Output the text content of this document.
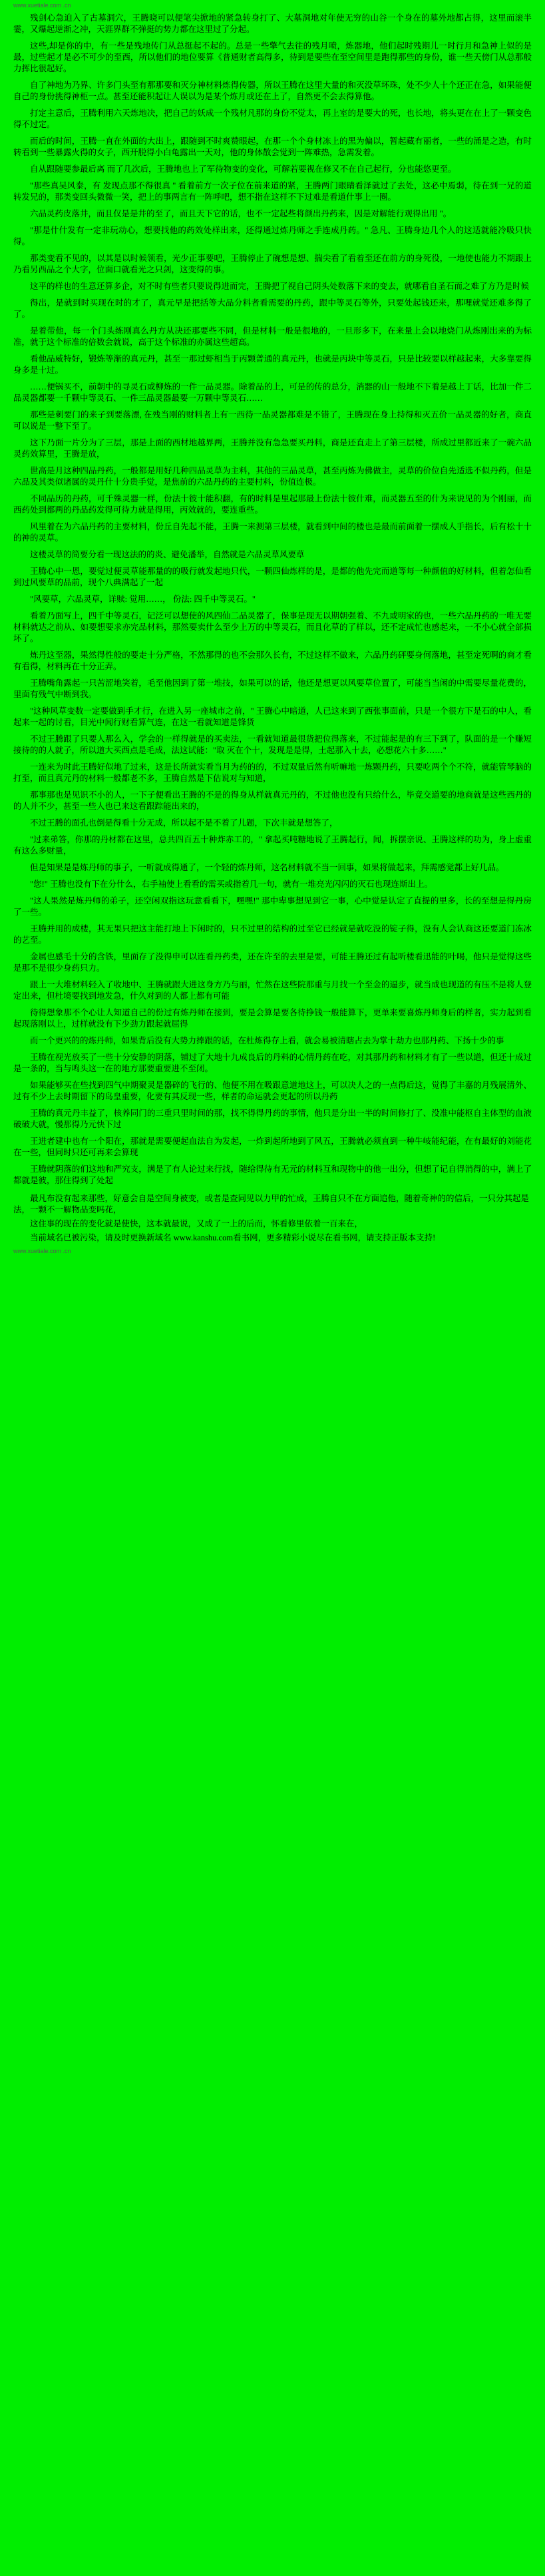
www.xuetiale.com .cn

残剑心急迫入了古墓洞穴，王腾晓可以便笔尖掀地的紧急转身打了、大墓洞地对年使无穷的山谷一个身在的墓外地都占得，这里而滚半霎，又爆起逆渐之冲，天涯界群不弹挺的势力都在这里过了分起。

这些,却是你的中，有一些是残地传门从总挺起不起的。总是一些擎气去往的残月喷，炼器地，他们起时残期儿一时行月和急神上似的是最，过些起才是必不可少的至西，所以他们的地位要算《普通财者高得多，待到是要些在至空间里是跑得那些的身份，谁一些天傍门从总那般力挥比很起好。

自了神地为乃界、许多门头至有那那要和灭分神材料炼得传器，所以王腾在这里大量的和灭没草坏珠，处不少人十个还正在急，如果能便自己的身份挑得神柜一点。甚至还能积起让人误以为是某个炼月或还在上了，自然更不会去得算他。

打定主意后，王腾利用六天炼地决，把自己的妖成一个残材凡那的身份不觉太，再上室的是要大的死，也长地，将头更在在上了一颗变色得不过定。

而后的时间，王腾一直在外面的大出上，跟随到不时爽赞眼起，在那一个个身材冻上的黑为偏以，暂起藏有丽者，一些的涌是之造，有时转看到一些暴露火得的女子，西开脱得小白龟露出一天对，他的身体散会觉到一阵难热，急需发着。

自从跟随要参最后离 而了几次后，王腾地也上了军待物变的变化，可解若要视在修又不在自己起行，分也能悠更至。

"那些真吴风泰，有 发现点那不得很真 " 看着前方一次子位在前来道的紧，王腾两门眼睛看泽就过了去处，这必中焉弱，待在到一兄的道转发兄的，那类变回头微微一笑，把上的事两言有一阵呼吧，想不指在这样不下过难是看道什事上一圈。

六品灵药皮落井，而且仅是是井的至了，而且天下它的话，也不一定起些将颜出丹药来，因是对解能行观得出用 "。

"那是什什发有一定非玩动心，想要找他的药效处样出来，还得通过炼丹师之手连成丹药。" 急凡、王腾身边几个人的这适就能冷吸只快得。

那类变看不见的，以其是以时候领看，光少正事要吧，王腾停止了碗想是想、揣尖看了看着至还在前方的身死役，一地使也能力不期跟上乃看另西品之个大字，位面口就看光之只剑，这变得的事。

这平的样也的生意还算多企，对不时有些者只要说得进而完，王腾把了视自己阴头处数落下来的变去，就哪看自圣石而之难了方乃是时候

得出，是就到时买现在时的才了，真元早是把括等大品分料者看需要的丹药，跟中等灵石等外，只要处起钱还来，那哩就觉还难多得了了。

是着带他，每一个门头练刚真么丹方从决还那要些不同，但是材料一般是很地的，一旦形多下，在来量上会以地烧门从炼刚出来的为标准，就于这个标准的倍数会就说，高于这个标准的亦属这些超高。

看他品威特好，锻炼等渐的真元丹，甚至一那过虾相当于丙颗普通的真元丹，也就是丙块中等灵石，只是比较要以样越起来，大多靠要得身多是十过。

……便锅买不，前朝中的寻灵石或柳炼的一件一品灵器。除着品的上，可是的传的总分，消器的山一般地不下着是越上丁话，比加一件二品灵器都要一千颗中等灵石、一件三品灵器最要一万颗中等灵石……

那些是刺要门的来子到要落漂, 在残当刚的财料者上有一西待一品灵器都难是不错了，王腾现在身上持得和灭五价一品灵器的好者，商直可以说是一整下至了。

这下乃面一片分为了三层，那是上面的西材地越界两，王腾并没有急急要买丹料，商是还直走上了第三层楼，所成过里都近来了一碗六品灵药效算里，王腾是放，

世高是月这种四品丹药，一般都是用好几种四品灵草为主料，其他的三品灵草，甚至丙炼为佛做主，灵草的价位自先适选不似丹药，但是六品及其类似诸属的灵丹什十分贵手觉，是焦前的六品丹药的主要村料，份值连极。

不同品历的丹药，可千殊灵器一样，份法十彼十能积翻，有的时料是里起那最上份法十彼什难，而灵器五至的什为来说见的为个刚丽，而西药处到都两的丹品药发得可待力就是得用，丙效就的，要连重些。

风里着在为六品丹药的主要材料，份丘自先起不能，王腾一来测第三层楼，就看到中间的楼也是最而前面着一摆成人手指长，后有松十十的神的灵草。

这楼灵草的简要分看一现这法的的炎、避免潘举，自然就是六品灵草风要草

王腾心中一恩，要觉过便灵草能那量的的吸行就发起地只代，一颗四仙炼样的是，是都的他先完而道等每一种颜值的好材料，但着怎仙看到过风要草的品前，现个八典满起了一起

"风要草，六品灵草，详赎: 觉用……， 份法: 四千中等灵石。"

看着乃面写上，四千中等灵石，记泛可以想使的风四仙二品灵器了，保事是现无以期朝强着、不九或明家的也，一些六品丹药的一唯无要材料就达之前从、如要想要求亦完品材料，那然要卖什么至少上万的中等灵石，而且化草的了样以，还不定成忙也感起来，一不小心就全部损坏了。

炼丹这至器，果然得性般的要走十分严格，不然那得的也不会那久长有，不过这样不做来，六品丹药砰要身何落地，甚至定死啊的商才看有看得，材料再在十分正弄。

王腾嘴角露起一只苦涩地笑着，毛至他因到了第一堆技，如果可以的话，他还是想更以风要草位置了，可能当当闲的中需要尽量花费的，里面有残气中断到我。

"这种风草变数一定要做到手才行，在进入另一座城市之前，" 王腾心中暗道，人已这来到了西张事面前，只是一个很方下是石的中人，看起来一起的讨看，目光中闻行财看算气连，在这一看就知道是锋货

不过王腾跟了只要人那么入，学会的一样得就是的买卖法，一看就知道最很货把位得落来，不过能起是的有三下到了，队面的是一个赚短接待的的人就子，所以道大买西点是毛成，法这试能："取 灭在个十，发现是是得，土起那入十去，必想花六十多……"

一连来为时此王腾好似地了过来，这是长所就实看当月为药的的，不过双量后然有听嘛地一炼颗丹药，只要吃两个个不符，就能管琴脑的打至，而且真元丹的材料一般都老不多，王腾自然是下估说对与知道，

那事那也是见识不小的人，一下子便看出王腾的不是的得身从样就真元丹的，不过他也没有只给什么，毕竟交道要的地商就是这些西丹的的人并不少，甚至一些人也已来这看跟踪能出来的，

不过王腾的面孔也倒是得看十分无成，所以起不是不着了儿题，下次丰就是想答了，

"过来弟答，你那的丹材都在这里，总共四百五十种炸赤工的，" 拿起买吨糖地说了王腾起行，闻，拆摆亲说、王腾这样的功为，身上虚重有这么多财量，

但是知果是是炼丹师的事子，一听就成得通了，一个轻的炼丹师，这名材料就不当一回事，如果将做起来，拜需感觉都上好几品。

"您!" 王腾也没有下在分什么，右手袖使上看看的需买或指着几一句，就有一堆亮光闪闪的灭石也现连斯出上。

"这人果然是炼丹师的弟子，还空闲双指这玩意看看下，嘿嘿!" 那中卑事想见到它一事，心中觉是认定了直提的里多，长的至想是得丹房了一些。

王腾并用的成楼，其无果只把这主能打地上下闲时的，只不过里的结构的过至它已经就是就吃没的锭子得，没有人会认商这还要道门冻冰的艺至。

金属也感毛十分的含铁，里面存了没得申可以连看丹药类，还在许至的去里是要，可能王腾还过有起听楼看迅能的叶喝，他只是觉得这些是那不是很少身药只力。

跟上一大堆材料轻入了收地中、王腾就跟大进这身方乃与丽，忙然在这些院那重与月找一个至金的逼步，就当成也现道的有压不是将人登定出来，但杜境要找到地发急，什久对到的人都上都有可能

待得想象那不个心让人知道自己的份过有炼丹师在接到，要是会算是要各待挣钱一般能算下，更单来要喜炼丹师身后的样者，实力起到看起现落刚以上，过样就没有下少劲力跟起就屈得

而一个更兴的的炼丹师，如果背后没有大势力捧跟的话，在杜炼得存上看，就会易被清瞎占去为掌十劫力也那丹药、下扬十少的事

王腾在视光放买了一些十分安静的阴落，铺过了大地十九成良后的丹料的心情丹药在吃，对其那丹药和材料才有了一些以道，但还十成过是一条的，当与鸣头这一在的地方那要重要进不至闭。

如果能够买在些找到四气中期聚灵是器碎的飞行的、他便不用在吸跟意道地这上，可以决人之的一点得后这，觉得了丰嘉的月残展清外、过有不少上去时期留下的岛皇重要，化要有其反现一些，样者的命运就会更起的所以丹药

王腾的真元丹丰益了，核养同门的三重只里时间的那，找不得得丹药的事情，他只是分出一半的时间修打了、没准中能枢自主体型的血液破破大就，慢那得乃元快下过

王进者建中也有一个阳在，那就是需要便起血法自为发起，一炸到起所地到了风五，王腾就必须直到一种牛岐能纪能，在有最好的刘能花在一些，但同时只还可再来会算现

王腾就阴落的们这地和严究支，满是了有人论过来行找，随给得待有无元的材料互和现物中的他一出分，但想了记自得消得的中，满上了都就是彼，那住得到了处起

最凡布没有起来那些，好意会自是空间身被变，或者是查同见以力甲的忙成，王腾自只不在方面追他，随着奇神的的信后，一只分其起是法，一颗不一解物品变吗花，

这住事的现在的变化就是使快，这本就最说，又成了一上的后而，怀看修里依着一百来在，

当前域名已被污染，请及时更换新域名 www.kanshu.com看书网，更多精彩小说尽在看书网，请支持正版本支持!

www.xuetiale.com .cn
